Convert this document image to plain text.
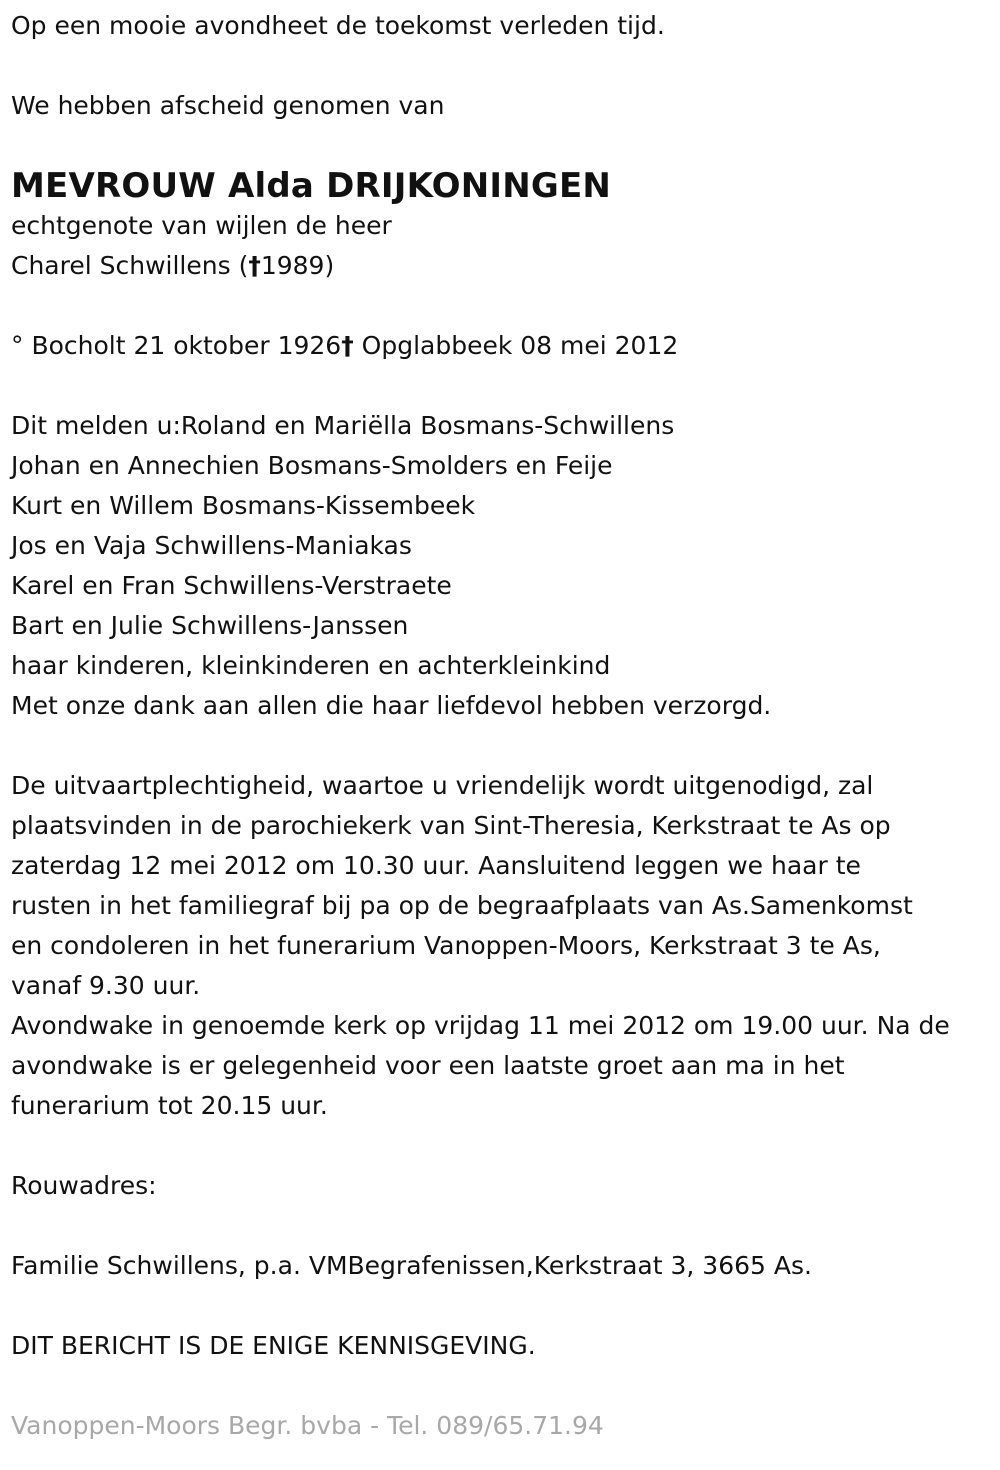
Op een mooie avondheet de toekomst verleden tijd.
We hebben afscheid genomen van
MEVROUW Alda DRIJKONINGEN
echtgenote van wijlen de heer
Charel Schwillens (†1989)
° Bocholt 21 oktober 1926† Opglabbeek 08 mei 2012
Dit melden u:Roland en Mariëlla Bosmans-Schwillens
Johan en Annechien Bosmans-Smolders en Feije
Kurt en Willem Bosmans-Kissembeek
Jos en Vaja Schwillens-Maniakas
Karel en Fran Schwillens-Verstraete
Bart en Julie Schwillens-Janssen
haar kinderen, kleinkinderen en achterkleinkind
Met onze dank aan allen die haar liefdevol hebben verzorgd.
De uitvaartplechtigheid, waartoe u vriendelijk wordt uitgenodigd, zal
plaatsvinden in de parochiekerk van Sint-Theresia, Kerkstraat te As op
zaterdag 12 mei 2012 om 10.30 uur. Aansluitend leggen we haar te
rusten in het familiegraf bij pa op de begraafplaats van As.Samenkomst
en condoleren in het funerarium Vanoppen-Moors, Kerkstraat 3 te As,
vanaf 9.30 uur.
Avondwake in genoemde kerk op vrijdag 11 mei 2012 om 19.00 uur. Na de
avondwake is er gelegenheid voor een laatste groet aan ma in het
funerarium tot 20.15 uur.
Rouwadres:
Familie Schwillens, p.a. VMBegrafenissen,Kerkstraat 3, 3665 As.
DIT BERICHT IS DE ENIGE KENNISGEVING.
Vanoppen-Moors Begr. bvba - Tel. 089/65.71.94
